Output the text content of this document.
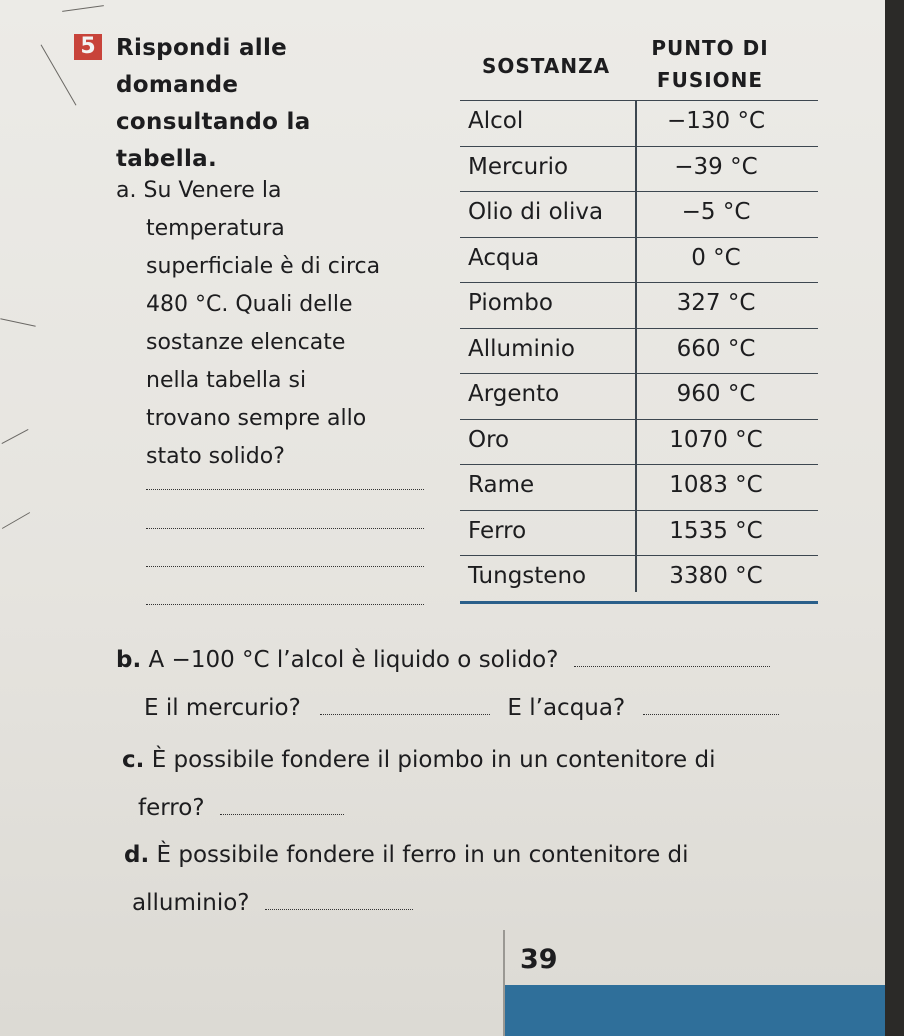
5 Rispondi alle
domande
consultando la
tabella.
a. Su Venere la
temperatura
superficiale è di circa
480 °C. Quali delle
sostanze elencate
nella tabella si
trovano sempre allo
stato solido?
SOSTANZA
PUNTO DI
FUSIONE
Alcol	−130 °C
Mercurio	−39 °C
Olio di oliva	−5 °C
Acqua	0 °C
Piombo	327 °C
Alluminio	660 °C
Argento	960 °C
Oro	1070 °C
Rame	1083 °C
Ferro	1535 °C
Tungsteno	3380 °C
b. A −100 °C l’alcol è liquido o solido?
E il mercurio?	E l’acqua?
c. È possibile fondere il piombo in un contenitore di
ferro?
d. È possibile fondere il ferro in un contenitore di
alluminio?
39
